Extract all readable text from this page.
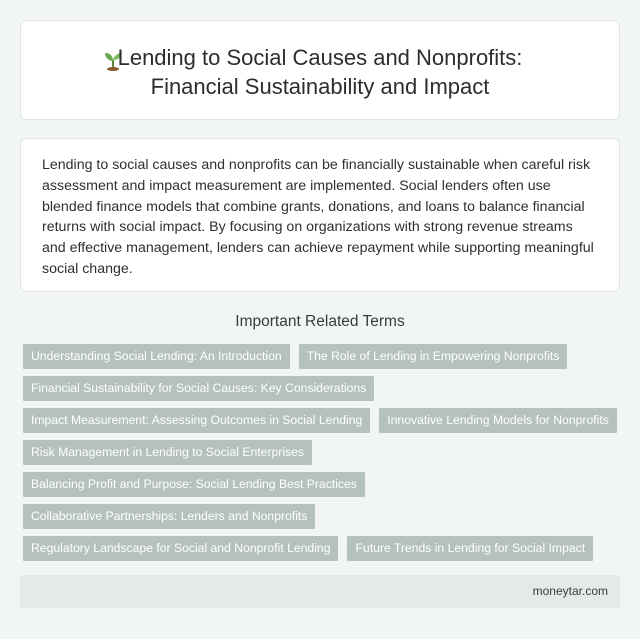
Lending to Social Causes and Nonprofits:
Financial Sustainability and Impact

Lending to social causes and nonprofits can be financially sustainable when careful risk assessment and impact measurement are implemented. Social lenders often use blended finance models that combine grants, donations, and loans to balance financial returns with social impact. By focusing on organizations with strong revenue streams and effective management, lenders can achieve repayment while supporting meaningful social change.

Important Related Terms
Understanding Social Lending: An Introduction	The Role of Lending in Empowering Nonprofits
Financial Sustainability for Social Causes: Key Considerations
Impact Measurement: Assessing Outcomes in Social Lending	Innovative Lending Models for Nonprofits
Risk Management in Lending to Social Enterprises
Balancing Profit and Purpose: Social Lending Best Practices
Collaborative Partnerships: Lenders and Nonprofits
Regulatory Landscape for Social and Nonprofit Lending	Future Trends in Lending for Social Impact
moneytar.com
